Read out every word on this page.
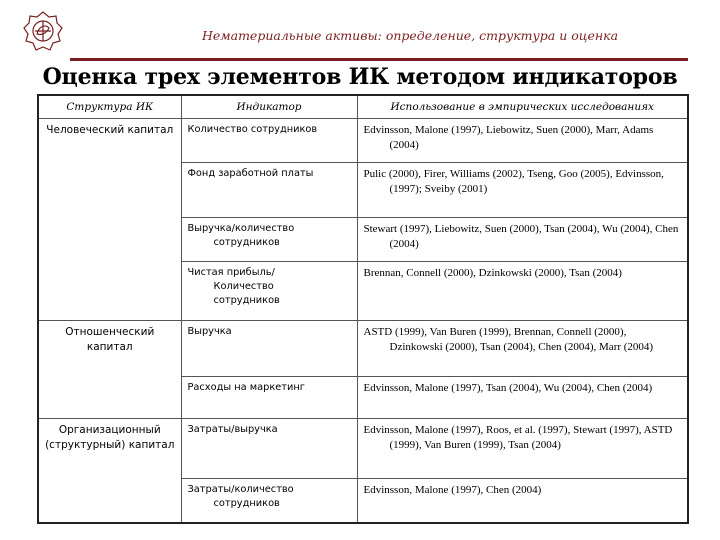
Нематериальные активы: определение, структура и оценка
Оценка трех элементов ИК методом индикаторов
Структура ИК	Индикатор	Использование в эмпирических исследованиях
Человеческий капитал	Количество сотрудников	Edvinsson, Malone (1997), Liebowitz, Suen (2000), Marr, Adams (2004)

	Фонд заработной платы	Pulic (2000), Firer, Williams (2002), Tseng, Goo (2005), Edvinsson, (1997); Sveiby (2001)

	Выручка/количество сотрудников	Stewart (1997), Liebowitz, Suen (2000), Tsan (2004), Wu (2004), Chen (2004)

	Чистая прибыль/Количество сотрудников	Brennan, Connell (2000), Dzinkowski (2000), Tsan (2004)

Отношенческий капитал	Выручка	ASTD (1999), Van Buren (1999), Brennan, Connell (2000), Dzinkowski (2000), Tsan (2004), Chen (2004), Marr (2004)

	Расходы на маркетинг	Edvinsson, Malone (1997), Tsan (2004), Wu (2004), Chen (2004)

Организационный (структурный) капитал	Затраты/выручка	Edvinsson, Malone (1997), Roos, et al. (1997), Stewart (1997), ASTD (1999), Van Buren (1999), Tsan (2004)

	Затраты/количество сотрудников	Edvinsson, Malone (1997), Chen (2004)
